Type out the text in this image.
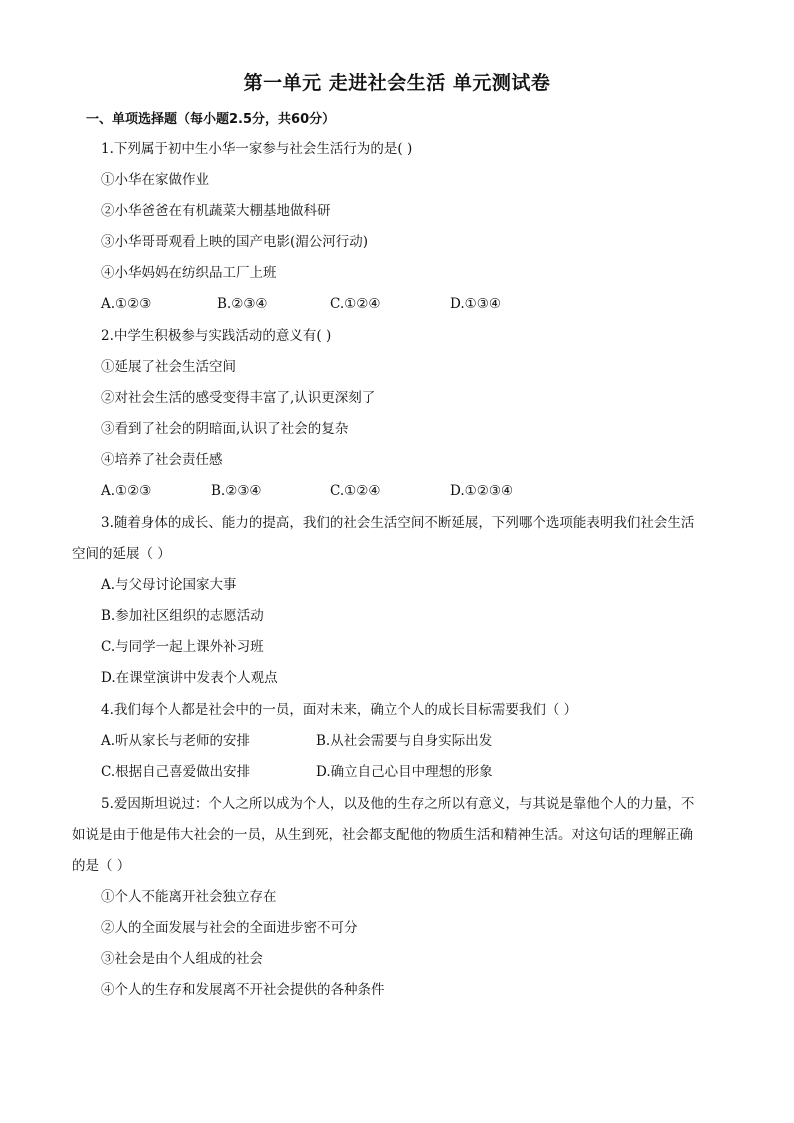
第一单元 走进社会生活 单元测试卷
一、单项选择题（每小题2.5分，共60分）
1.下列属于初中生小华一家参与社会生活行为的是( )
①小华在家做作业
②小华爸爸在有机蔬菜大棚基地做科研
③小华哥哥观看上映的国产电影(湄公河行动)
④小华妈妈在纺织品工厂上班
A.①②③	B.②③④	C.①②④	D.①③④
2.中学生积极参与实践活动的意义有( )
①延展了社会生活空间
②对社会生活的感受变得丰富了,认识更深刻了
③看到了社会的阴暗面,认识了社会的复杂
④培养了社会责任感
A.①②③	B.②③④	C.①②④	D.①②③④
3.随着身体的成长、能力的提高，我们的社会生活空间不断延展，下列哪个选项能表明我们社会生活
空间的延展（ ）
A.与父母讨论国家大事
B.参加社区组织的志愿活动
C.与同学一起上课外补习班
D.在课堂演讲中发表个人观点
4.我们每个人都是社会中的一员，面对未来，确立个人的成长目标需要我们（ ）
A.听从家长与老师的安排	B.从社会需要与自身实际出发
C.根据自己喜爱做出安排	D.确立自己心目中理想的形象
5.爱因斯坦说过：个人之所以成为个人，以及他的生存之所以有意义，与其说是靠他个人的力量，不
如说是由于他是伟大社会的一员，从生到死，社会都支配他的物质生活和精神生活。对这句话的理解正确
的是（ ）
①个人不能离开社会独立存在
②人的全面发展与社会的全面进步密不可分
③社会是由个人组成的社会
④个人的生存和发展离不开社会提供的各种条件
